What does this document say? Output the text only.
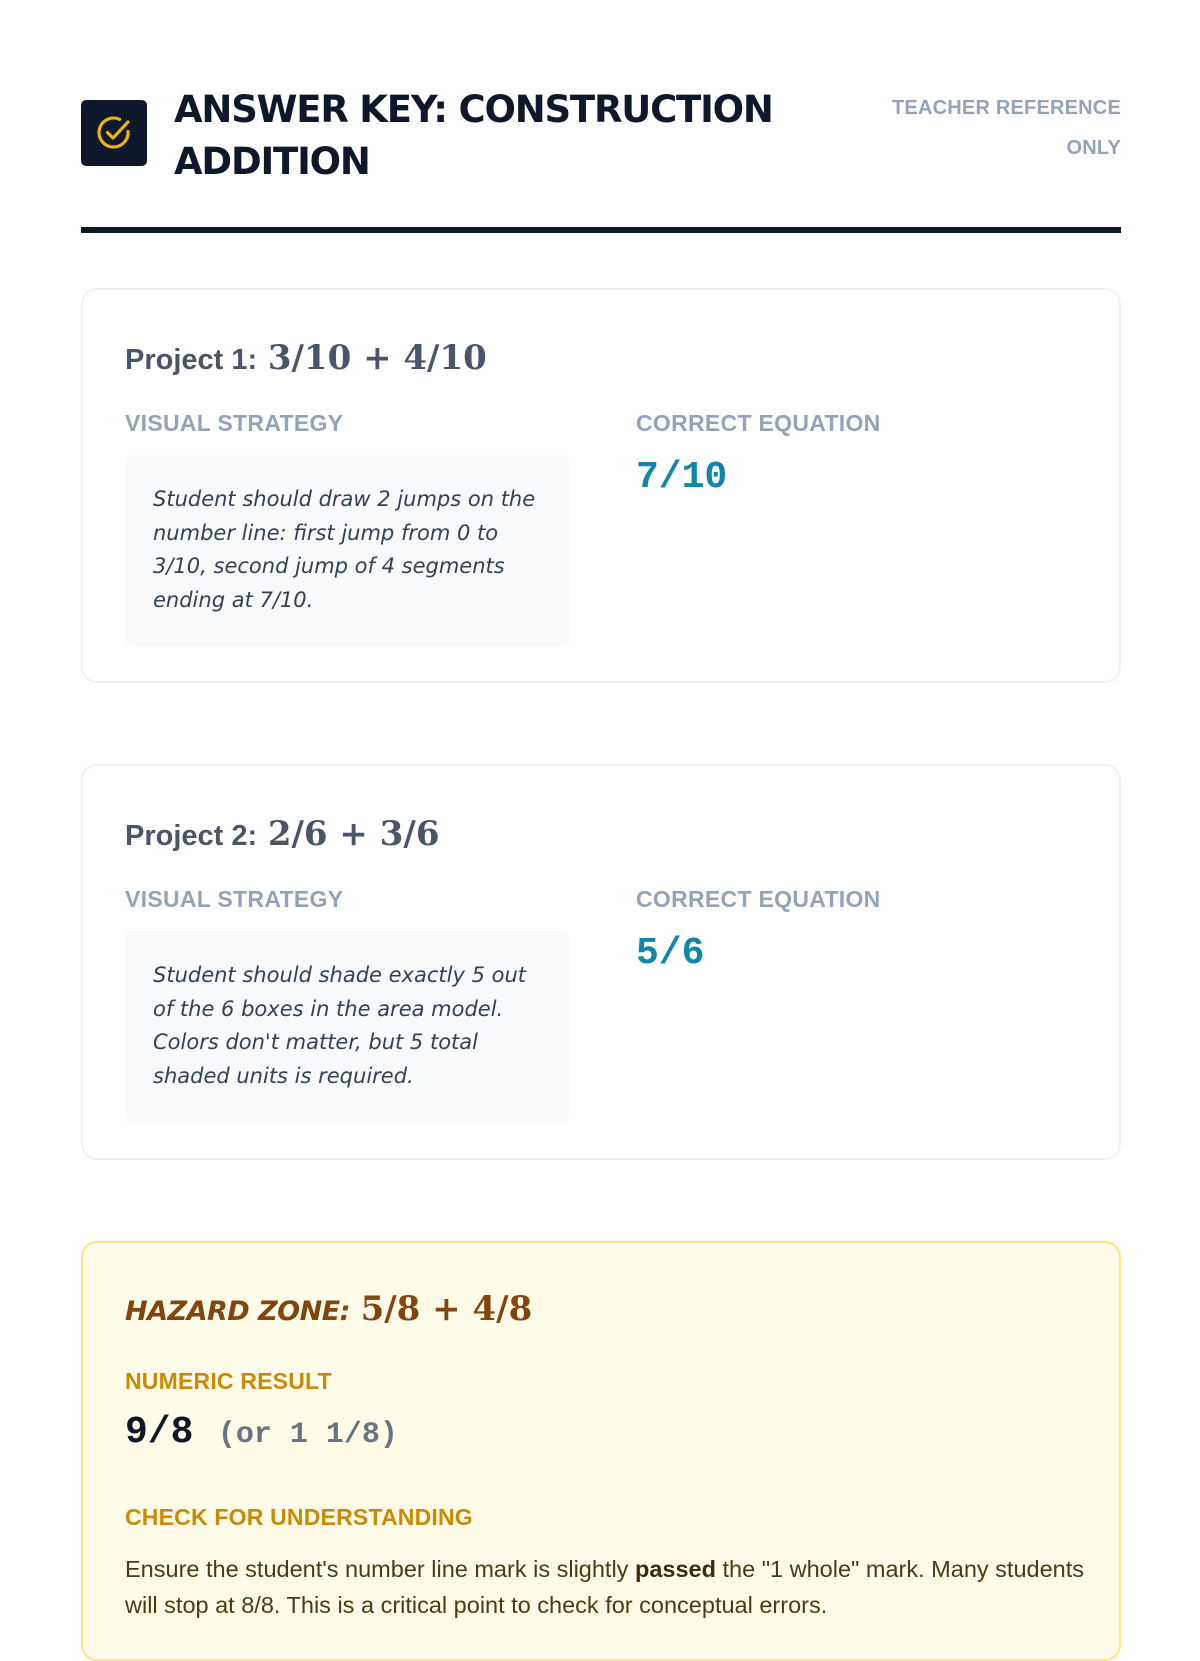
ANSWER KEY: CONSTRUCTION ADDITION
TEACHER REFERENCE ONLY
Project 1: 3/10 + 4/10
VISUAL STRATEGY
Student should draw 2 jumps on the number line: first jump from 0 to 3/10, second jump of 4 segments ending at 7/10.
CORRECT EQUATION
7/10
Project 2: 2/6 + 3/6
VISUAL STRATEGY
Student should shade exactly 5 out of the 6 boxes in the area model. Colors don't matter, but 5 total shaded units is required.
CORRECT EQUATION
5/6
HAZARD ZONE: 5/8 + 4/8
NUMERIC RESULT
9/8 (or 1 1/8)
CHECK FOR UNDERSTANDING

Ensure the student's number line mark is slightly passed the "1 whole" mark. Many students will stop at 8/8. This is a critical point to check for conceptual errors.
